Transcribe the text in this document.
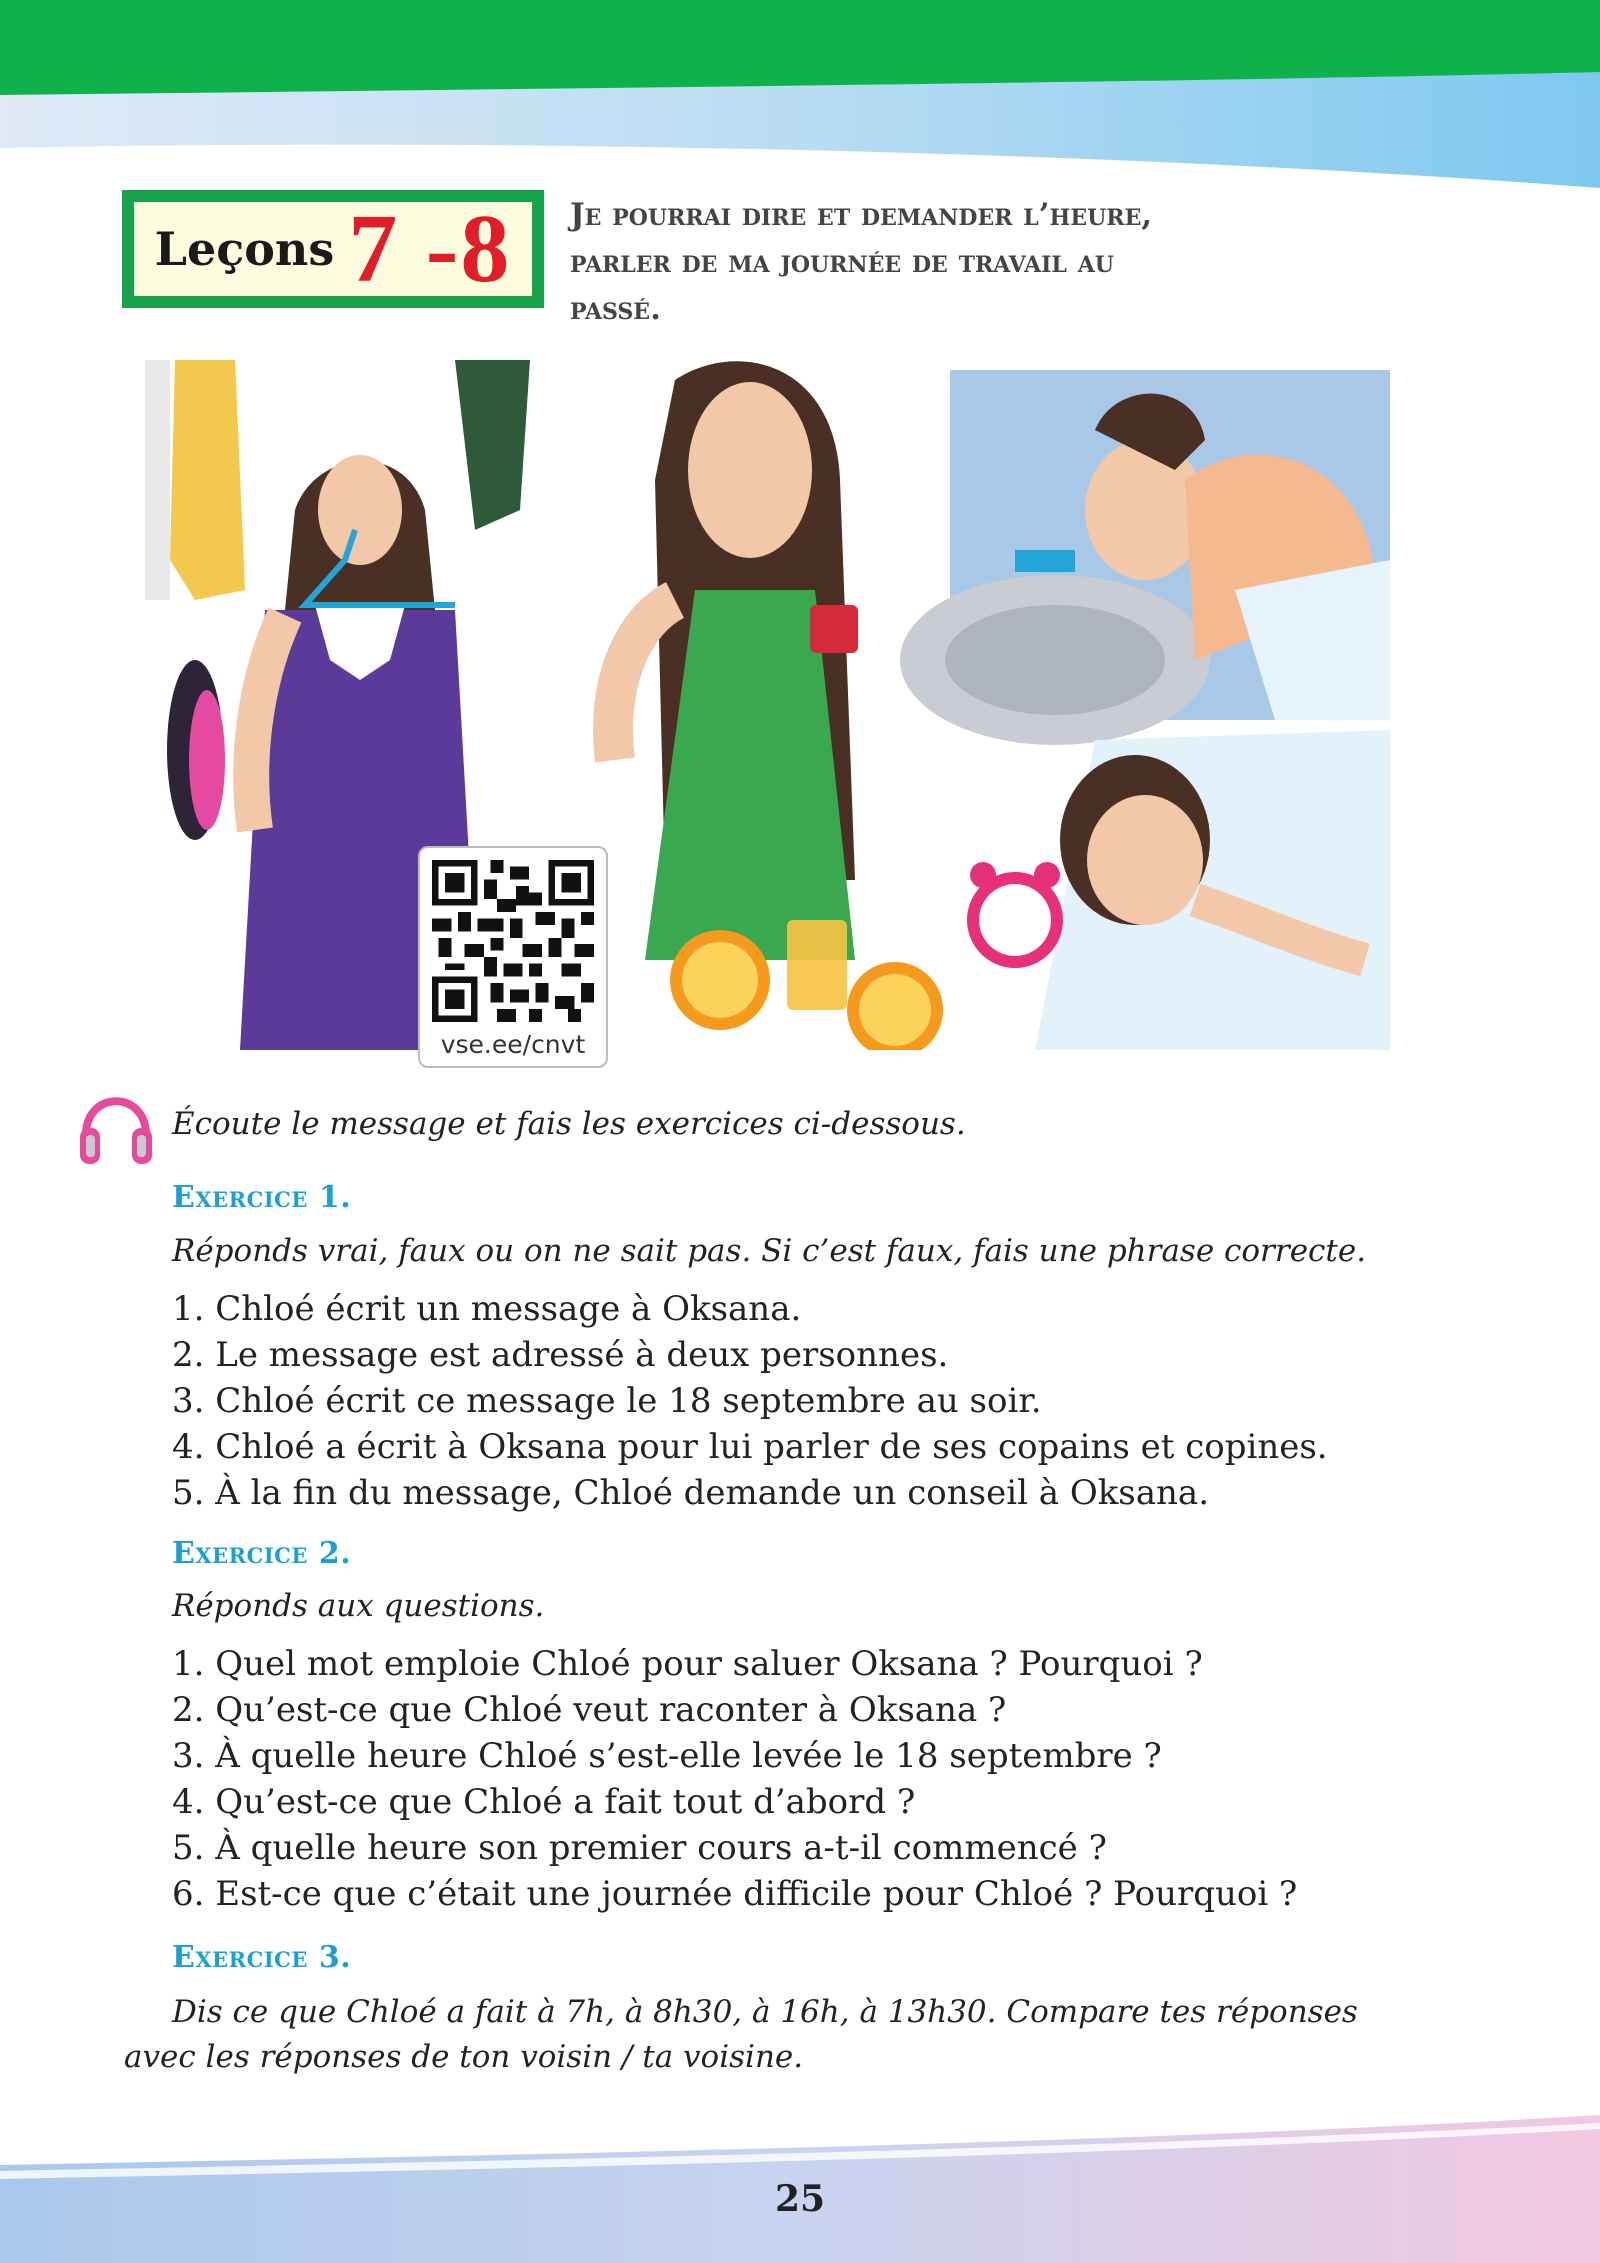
Leçons 7 -8 Je pourrai dire et demander l’heure,
parler de ma journée de travail au
passé.
vse.ee/cnvt
Écoute le message et fais les exercices ci-dessous.
Exercice 1.
Réponds vrai, faux ou on ne sait pas. Si c’est faux, fais une phrase correcte.
1. Chloé écrit un message à Oksana.
2. Le message est adressé à deux personnes.
3. Chloé écrit ce message le 18 septembre au soir.
4. Chloé a écrit à Oksana pour lui parler de ses copains et copines.
5. À la fin du message, Chloé demande un conseil à Oksana.
Exercice 2.
Réponds aux questions.
1. Quel mot emploie Chloé pour saluer Oksana ? Pourquoi ?
2. Qu’est-ce que Chloé veut raconter à Oksana ?
3. À quelle heure Chloé s’est-elle levée le 18 septembre ?
4. Qu’est-ce que Chloé a fait tout d’abord ?
5. À quelle heure son premier cours a-t-il commencé ?
6. Est-ce que c’était une journée difficile pour Chloé ? Pourquoi ?
Exercice 3.
Dis ce que Chloé a fait à 7h, à 8h30, à 16h, à 13h30. Compare tes réponses
avec les réponses de ton voisin / ta voisine.
25
